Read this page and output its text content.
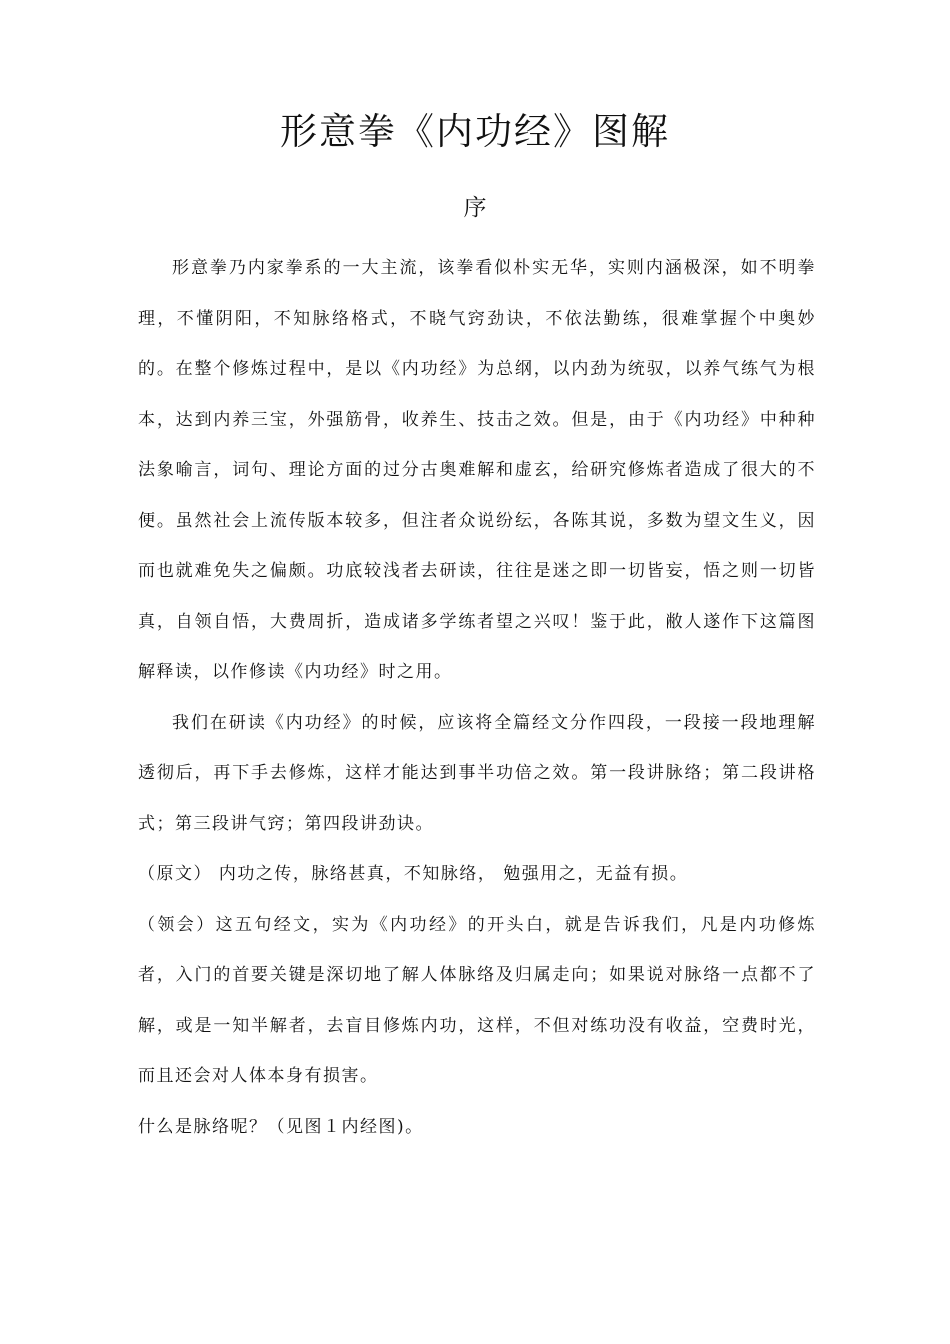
形意拳《内功经》图解
序

形意拳乃内家拳系的一大主流，该拳看似朴实无华，实则内涵极深，如不明拳理，不懂阴阳，不知脉络格式，不晓气窍劲诀，不依法勤练，很难掌握个中奥妙的。在整个修炼过程中，是以《内功经》为总纲，以内劲为统驭，以养气练气为根本，达到内养三宝，外强筋骨，收养生、技击之效。但是，由于《内功经》中种种法象喻言，词句、理论方面的过分古奥难解和虚玄，给研究修炼者造成了很大的不便。虽然社会上流传版本较多，但注者众说纷纭，各陈其说，多数为望文生义，因而也就难免失之偏颇。功底较浅者去研读，往往是迷之即一切皆妄，悟之则一切皆真，自领自悟，大费周折，造成诸多学练者望之兴叹！鉴于此，敝人遂作下这篇图解释读，以作修读《内功经》时之用。

我们在研读《内功经》的时候，应该将全篇经文分作四段，一段接一段地理解透彻后，再下手去修炼，这样才能达到事半功倍之效。第一段讲脉络；第二段讲格式；第三段讲气窍；第四段讲劲诀。

（原文） 内功之传，脉络甚真，不知脉络， 勉强用之，无益有损。

（领会）这五句经文，实为《内功经》的开头白，就是告诉我们，凡是内功修炼者，入门的首要关键是深切地了解人体脉络及归属走向；如果说对脉络一点都不了解，或是一知半解者，去盲目修炼内功，这样，不但对练功没有收益，空费时光，而且还会对人体本身有损害。

什么是脉络呢？（见图１内经图)。
